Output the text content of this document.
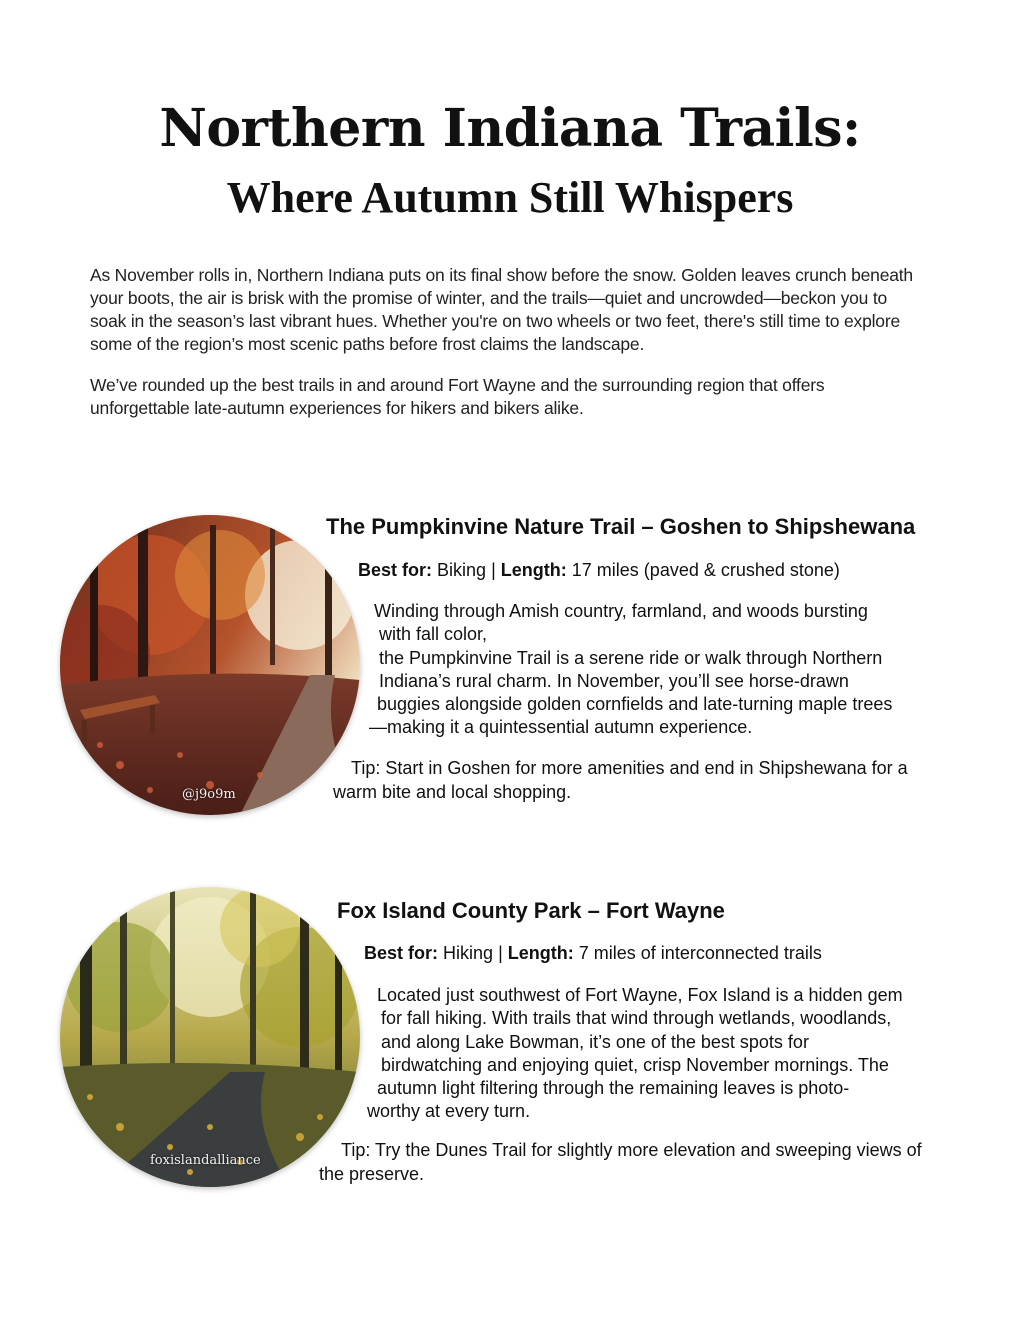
Northern Indiana Trails:
Where Autumn Still Whispers

As November rolls in, Northern Indiana puts on its final show before the snow. Golden leaves crunch beneath your boots, the air is brisk with the promise of winter, and the trails—quiet and uncrowded—beckon you to soak in the season’s last vibrant hues. Whether you're on two wheels or two feet, there's still time to explore some of the region’s most scenic paths before frost claims the landscape.

We’ve rounded up the best trails in and around Fort Wayne and the surrounding region that offers unforgettable late-autumn experiences for hikers and bikers alike.

@j9o9m
The Pumpkinvine Nature Trail – Goshen to Shipshewana
Best for: Biking | Length: 17 miles (paved & crushed stone)
Winding through Amish country, farmland, and woods bursting
with fall color,
the Pumpkinvine Trail is a serene ride or walk through Northern
Indiana’s rural charm. In November, you’ll see horse-drawn
buggies alongside golden cornfields and late-turning maple trees
—making it a quintessential autumn experience.

Tip: Start in Goshen for more amenities and end in Shipshewana for a warm bite and local shopping.

foxislandalliance
Fox Island County Park – Fort Wayne
Best for: Hiking | Length: 7 miles of interconnected trails
Located just southwest of Fort Wayne, Fox Island is a hidden gem
for fall hiking. With trails that wind through wetlands, woodlands,
and along Lake Bowman, it’s one of the best spots for
birdwatching and enjoying quiet, crisp November mornings. The
autumn light filtering through the remaining leaves is photo-
worthy at every turn.

Tip: Try the Dunes Trail for slightly more elevation and sweeping views of the preserve.
